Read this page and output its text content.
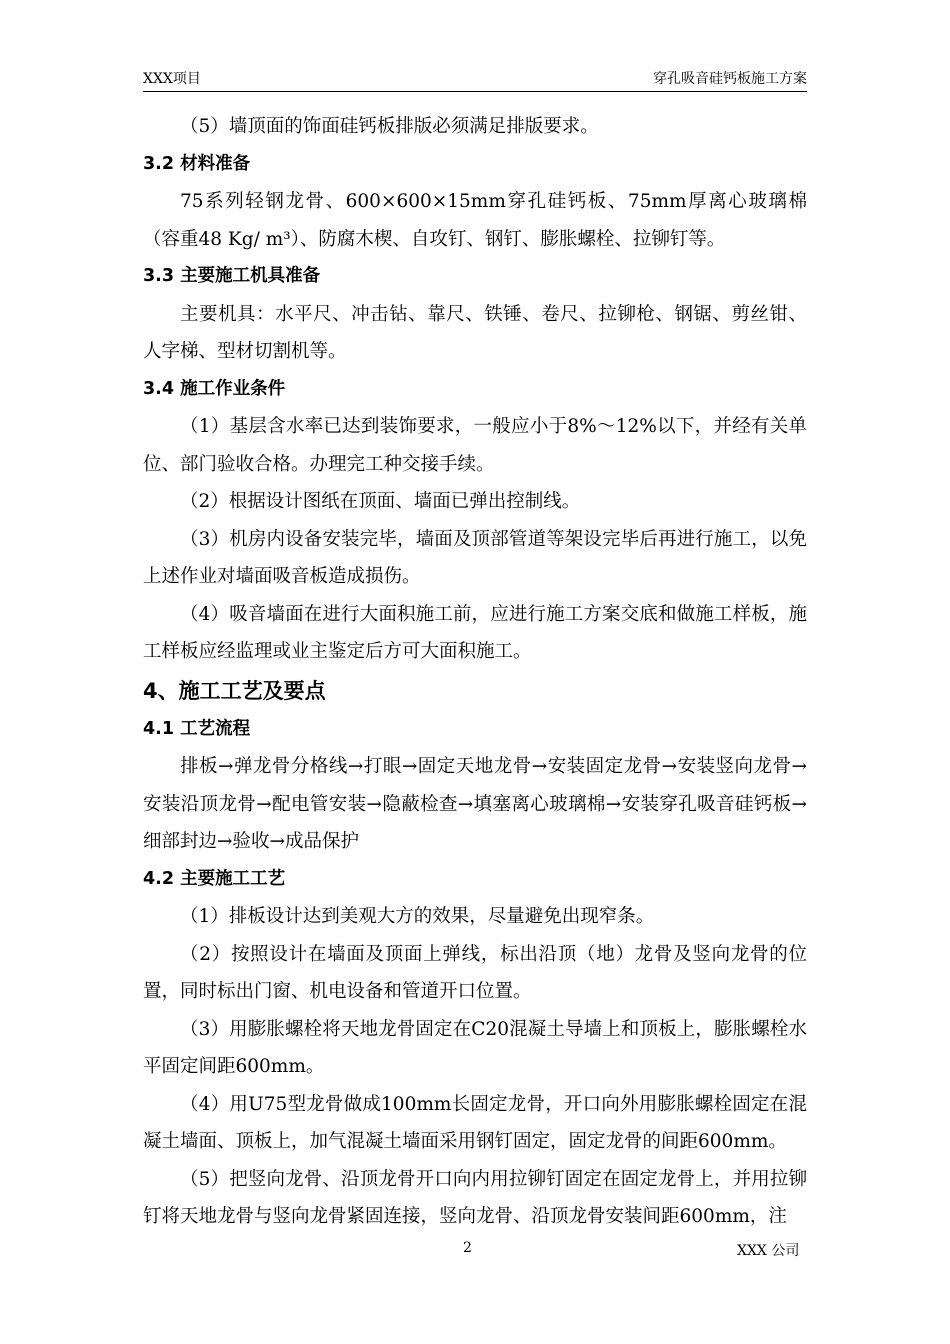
XXX项目	穿孔吸音硅钙板施工方案

（5）墙顶面的饰面硅钙板排版必须满足排版要求。

3.2 材料准备

75系列轻钢龙骨、600×600×15mm穿孔硅钙板、75mm厚离心玻璃棉（容重48 Kg/ m³）、防腐木楔、自攻钉、钢钉、膨胀螺栓、拉铆钉等。

3.3 主要施工机具准备

主要机具：水平尺、冲击钻、靠尺、铁锤、卷尺、拉铆枪、钢锯、剪丝钳、人字梯、型材切割机等。

3.4 施工作业条件

（1）基层含水率已达到装饰要求，一般应小于8%～12%以下，并经有关单位、部门验收合格。办理完工种交接手续。

（2）根据设计图纸在顶面、墙面已弹出控制线。

（3）机房内设备安装完毕，墙面及顶部管道等架设完毕后再进行施工，以免上述作业对墙面吸音板造成损伤。

（4）吸音墙面在进行大面积施工前，应进行施工方案交底和做施工样板，施工样板应经监理或业主鉴定后方可大面积施工。

4、施工工艺及要点

4.1 工艺流程

排板→弹龙骨分格线→打眼→固定天地龙骨→安装固定龙骨→安装竖向龙骨→安装沿顶龙骨→配电管安装→隐蔽检查→填塞离心玻璃棉→安装穿孔吸音硅钙板→细部封边→验收→成品保护

4.2 主要施工工艺

（1）排板设计达到美观大方的效果，尽量避免出现窄条。

（2）按照设计在墙面及顶面上弹线，标出沿顶（地）龙骨及竖向龙骨的位置，同时标出门窗、机电设备和管道开口位置。

（3）用膨胀螺栓将天地龙骨固定在C20混凝土导墙上和顶板上，膨胀螺栓水平固定间距600mm。

（4）用U75型龙骨做成100mm长固定龙骨，开口向外用膨胀螺栓固定在混凝土墙面、顶板上，加气混凝土墙面采用钢钉固定，固定龙骨的间距600mm。

（5）把竖向龙骨、沿顶龙骨开口向内用拉铆钉固定在固定龙骨上，并用拉铆钉将天地龙骨与竖向龙骨紧固连接，竖向龙骨、沿顶龙骨安装间距600mm，注

2	XXX 公司
